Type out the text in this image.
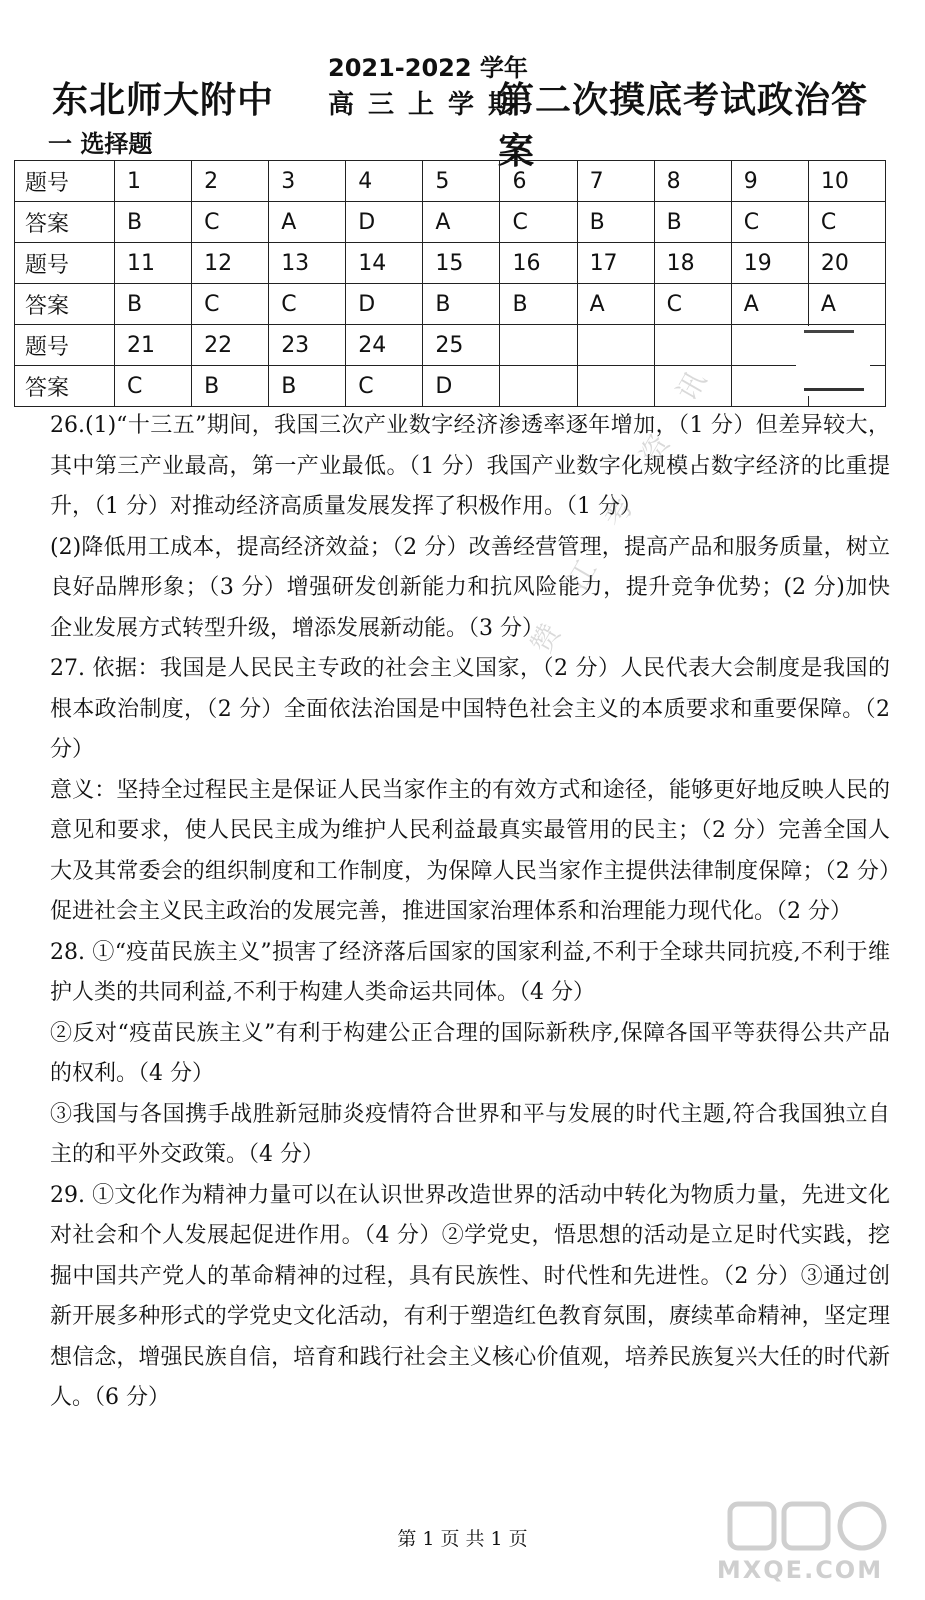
东北师大附中
2021-2022 学年
高三上学期
第二次摸底考试政治答案
一 选择题
题号	1	2	3	4	5	6	7	8	9	10
答案	B	C	A	D	A	C	B	B	C	C
题号	11	12	13	14	15	16	17	18	19	20
答案	B	C	C	D	B	B	A	C	A	A
题号	21	22	23	24	25					
答案	C	B	B	C	D					

26.(1)“十三五”期间，我国三次产业数字经济渗透率逐年增加，（1 分）但差异较大，其中第三产业最高，第一产业最低。（1 分）我国产业数字化规模占数字经济的比重提升，（1 分）对推动经济高质量发展发挥了积极作用。（1 分）

(2)降低用工成本，提高经济效益；（2 分）改善经营管理，提高产品和服务质量，树立良好品牌形象；（3 分）增强研发创新能力和抗风险能力，提升竞争优势；(2 分)加快企业发展方式转型升级，增添发展新动能。（3 分）

27. 依据：我国是人民民主专政的社会主义国家，（2 分）人民代表大会制度是我国的根本政治制度，（2 分）全面依法治国是中国特色社会主义的本质要求和重要保障。（2 分）

意义：坚持全过程民主是保证人民当家作主的有效方式和途径，能够更好地反映人民的意见和要求，使人民民主成为维护人民利益最真实最管用的民主；（2 分）完善全国人大及其常委会的组织制度和工作制度，为保障人民当家作主提供法律制度保障；（2 分）促进社会主义民主政治的发展完善，推进国家治理体系和治理能力现代化。（2 分）

28. ①“疫苗民族主义”损害了经济落后国家的国家利益,不利于全球共同抗疫,不利于维护人类的共同利益,不利于构建人类命运共同体。（4 分）

②反对“疫苗民族主义”有利于构建公正合理的国际新秩序,保障各国平等获得公共产品的权利。（4 分）

③我国与各国携手战胜新冠肺炎疫情符合世界和平与发展的时代主题,符合我国独立自主的和平外交政策。（4 分）

29. ①文化作为精神力量可以在认识世界改造世界的活动中转化为物质力量，先进文化对社会和个人发展起促进作用。（4 分）②学党史，悟思想的活动是立足时代实践，挖掘中国共产党人的革命精神的过程，具有民族性、时代性和先进性。（2 分）③通过创新开展多种形式的学党史文化活动，有利于塑造红色教育氛围，赓续革命精神，坚定理想信念，增强民族自信，培育和践行社会主义核心价值观，培养民族复兴大任的时代新人。（6 分）

赞 江 考 资 讯
第 1 页 共 1 页
MXQE.COM
